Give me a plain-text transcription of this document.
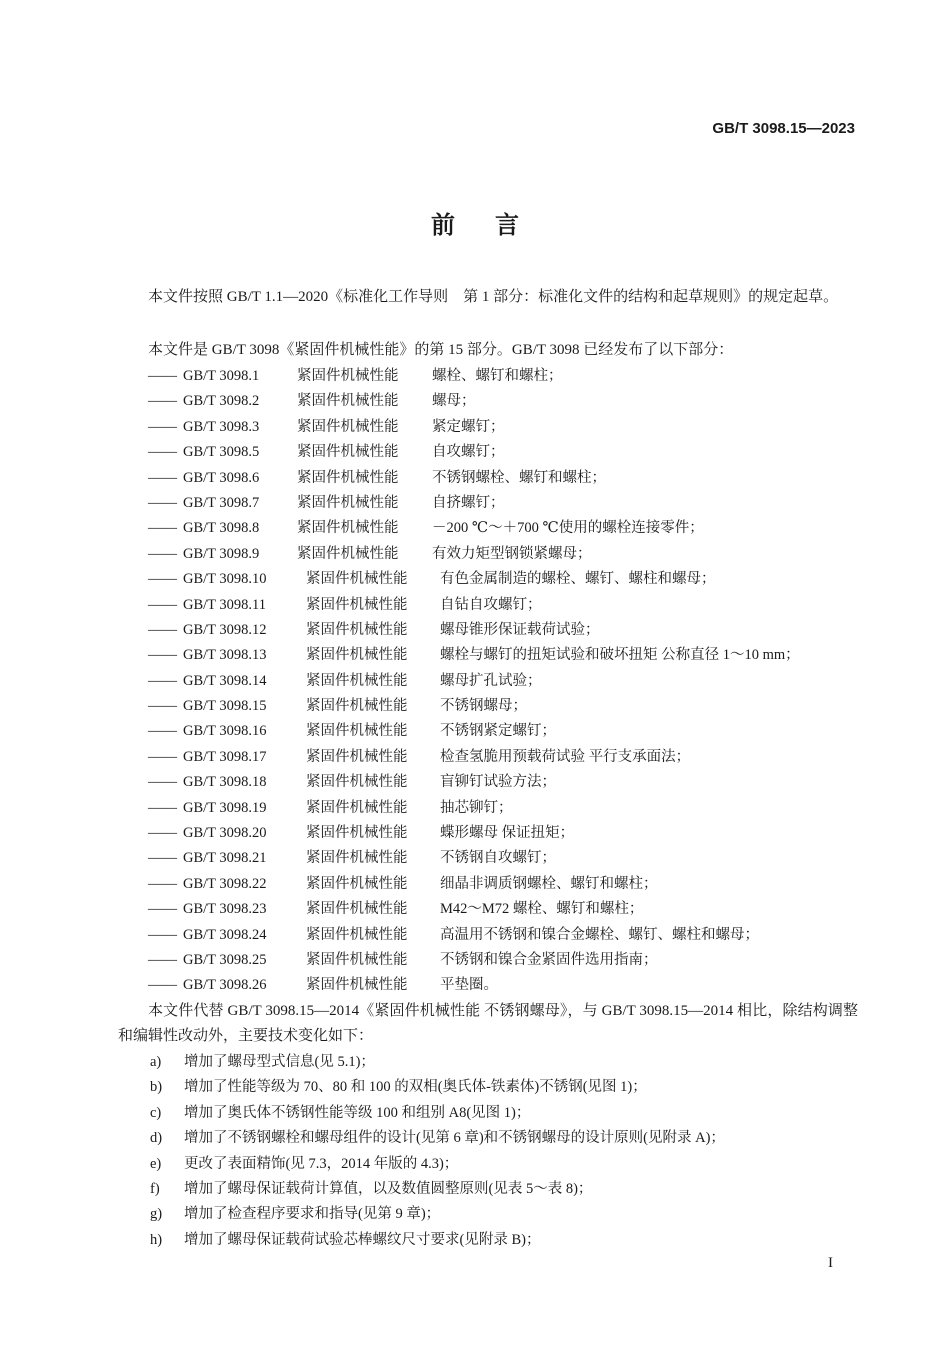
GB/T 3098.15—2023
前言
本文件按照 GB/T 1.1—2020《标准化工作导则　第 1 部分：标准化文件的结构和起草规则》的规定起草。
本文件是 GB/T 3098《紧固件机械性能》的第 15 部分。GB/T 3098 已经发布了以下部分：
—— GB/T 3098.1	紧固件机械性能 螺栓、螺钉和螺柱；
—— GB/T 3098.2	紧固件机械性能 螺母；
—— GB/T 3098.3	紧固件机械性能 紧定螺钉；
—— GB/T 3098.5	紧固件机械性能 自攻螺钉；
—— GB/T 3098.6	紧固件机械性能 不锈钢螺栓、螺钉和螺柱；
—— GB/T 3098.7	紧固件机械性能 自挤螺钉；
—— GB/T 3098.8	紧固件机械性能 －200 ℃～＋700 ℃使用的螺栓连接零件；
—— GB/T 3098.9	紧固件机械性能 有效力矩型钢锁紧螺母；
—— GB/T 3098.10	紧固件机械性能 有色金属制造的螺栓、螺钉、螺柱和螺母；
—— GB/T 3098.11	紧固件机械性能 自钻自攻螺钉；
—— GB/T 3098.12	紧固件机械性能 螺母锥形保证载荷试验；
—— GB/T 3098.13	紧固件机械性能 螺栓与螺钉的扭矩试验和破坏扭矩 公称直径 1～10 mm；
—— GB/T 3098.14	紧固件机械性能 螺母扩孔试验；
—— GB/T 3098.15	紧固件机械性能 不锈钢螺母；
—— GB/T 3098.16	紧固件机械性能 不锈钢紧定螺钉；
—— GB/T 3098.17	紧固件机械性能 检查氢脆用预载荷试验 平行支承面法；
—— GB/T 3098.18	紧固件机械性能 盲铆钉试验方法；
—— GB/T 3098.19	紧固件机械性能 抽芯铆钉；
—— GB/T 3098.20	紧固件机械性能 蝶形螺母 保证扭矩；
—— GB/T 3098.21	紧固件机械性能 不锈钢自攻螺钉；
—— GB/T 3098.22	紧固件机械性能 细晶非调质钢螺栓、螺钉和螺柱；
—— GB/T 3098.23	紧固件机械性能 M42～M72 螺栓、螺钉和螺柱；
—— GB/T 3098.24	紧固件机械性能 高温用不锈钢和镍合金螺栓、螺钉、螺柱和螺母；
—— GB/T 3098.25	紧固件机械性能 不锈钢和镍合金紧固件选用指南；
—— GB/T 3098.26	紧固件机械性能 平垫圈。
本文件代替 GB/T 3098.15—2014《紧固件机械性能 不锈钢螺母》，与 GB/T 3098.15—2014 相比，除结构调整和编辑性改动外，主要技术变化如下：
a) 增加了螺母型式信息(见 5.1)；
b) 增加了性能等级为 70、80 和 100 的双相(奥氏体-铁素体)不锈钢(见图 1)；
c) 增加了奥氏体不锈钢性能等级 100 和组别 A8(见图 1)；
d) 增加了不锈钢螺栓和螺母组件的设计(见第 6 章)和不锈钢螺母的设计原则(见附录 A)；
e) 更改了表面精饰(见 7.3，2014 年版的 4.3)；
f) 增加了螺母保证载荷计算值，以及数值圆整原则(见表 5～表 8)；
g) 增加了检查程序要求和指导(见第 9 章)；
h) 增加了螺母保证载荷试验芯棒螺纹尺寸要求(见附录 B)；
I
